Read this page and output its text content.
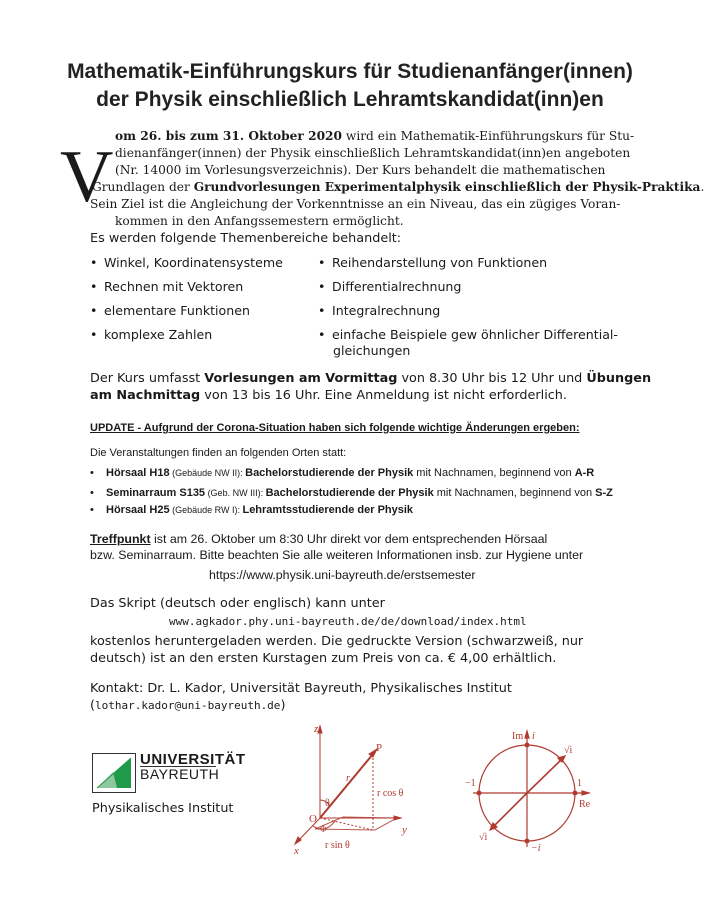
Mathematik-Einführungskurs für Studienanfänger(innen)
der Physik einschließlich Lehramtskandidat(inn)en
V om 26. bis zum 31. Oktober 2020 wird ein Mathematik-Einführungskurs für Stu-
dienanfänger(innen) der Physik einschließlich Lehramtskandidat(inn)en angeboten
(Nr. 14000 im Vorlesungsverzeichnis). Der Kurs behandelt die mathematischen
Grundlagen der Grundvorlesungen Experimentalphysik einschließlich der Physik-Praktika.
Sein Ziel ist die Angleichung der Vorkenntnisse an ein Niveau, das ein zügiges Voran-
kommen in den Anfangssemestern ermöglicht.
Es werden folgende Themenbereiche behandelt:
• Winkel, Koordinatensysteme
• Rechnen mit Vektoren
• elementare Funktionen
• komplexe Zahlen
• Reihendarstellung von Funktionen
• Differentialrechnung
• Integralrechnung
• einfache Beispiele gew öhnlicher Differential-
gleichungen
Der Kurs umfasst Vorlesungen am Vormittag von 8.30 Uhr bis 12 Uhr und Übungen
am Nachmittag von 13 bis 16 Uhr. Eine Anmeldung ist nicht erforderlich.
UPDATE - Aufgrund der Corona-Situation haben sich folgende wichtige Änderungen ergeben:
Die Veranstaltungen finden an folgenden Orten statt:
• Hörsaal H18 (Gebäude NW II): Bachelorstudierende der Physik mit Nachnamen, beginnend von A-R
• Seminarraum S135 (Geb. NW III): Bachelorstudierende der Physik mit Nachnamen, beginnend von S-Z
• Hörsaal H25 (Gebäude RW I): Lehramtsstudierende der Physik
Treffpunkt ist am 26. Oktober um 8:30 Uhr direkt vor dem entsprechenden Hörsaal
bzw. Seminarraum. Bitte beachten Sie alle weiteren Informationen insb. zur Hygiene unter
https://www.physik.uni-bayreuth.de/erstsemester
Das Skript (deutsch oder englisch) kann unter
www.agkador.phy.uni-bayreuth.de/de/download/index.html
kostenlos heruntergeladen werden. Die gedruckte Version (schwarzweiß, nur
deutsch) ist an den ersten Kurstagen zum Preis von ca. € 4,00 erhältlich.
Kontakt: Dr. L. Kador, Universität Bayreuth, Physikalisches Institut
(lothar.kador@uni-bayreuth.de)
UNIVERSITÄT
BAYREUTH
Physikalisches Institut
z
y
x
O
P
r
θ
Φ
r cos θ
r sin θ
Im i
√i
1
−1
Re
√i
−i
